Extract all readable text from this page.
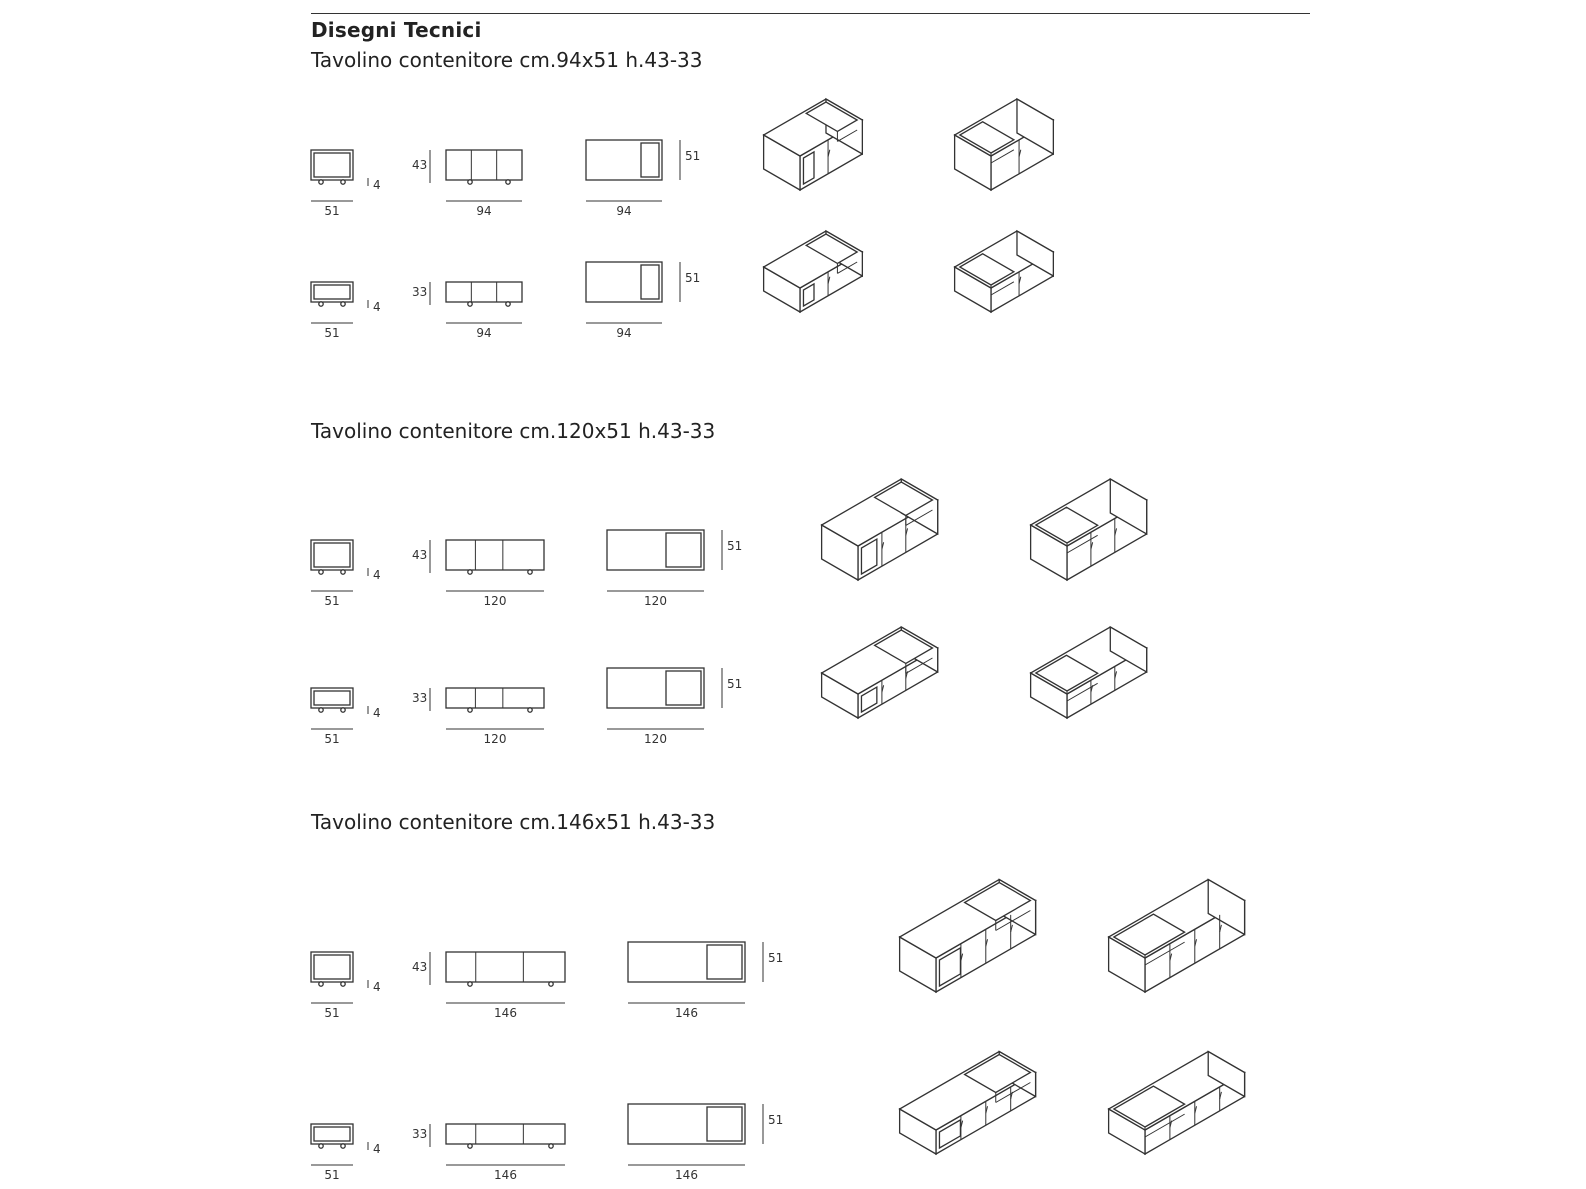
Disegni Tecnici
Tavolino contenitore cm.94x51 h.43-33
Tavolino contenitore cm.120x51 h.43-33
Tavolino contenitore cm.146x51 h.43-33
4
51
43
94
51
94
4
51
33
94
51
94
4
51
43
120
51
120
4
51
33
120
51
120
4
51
43
146
51
146
4
51
33
146
51
146
